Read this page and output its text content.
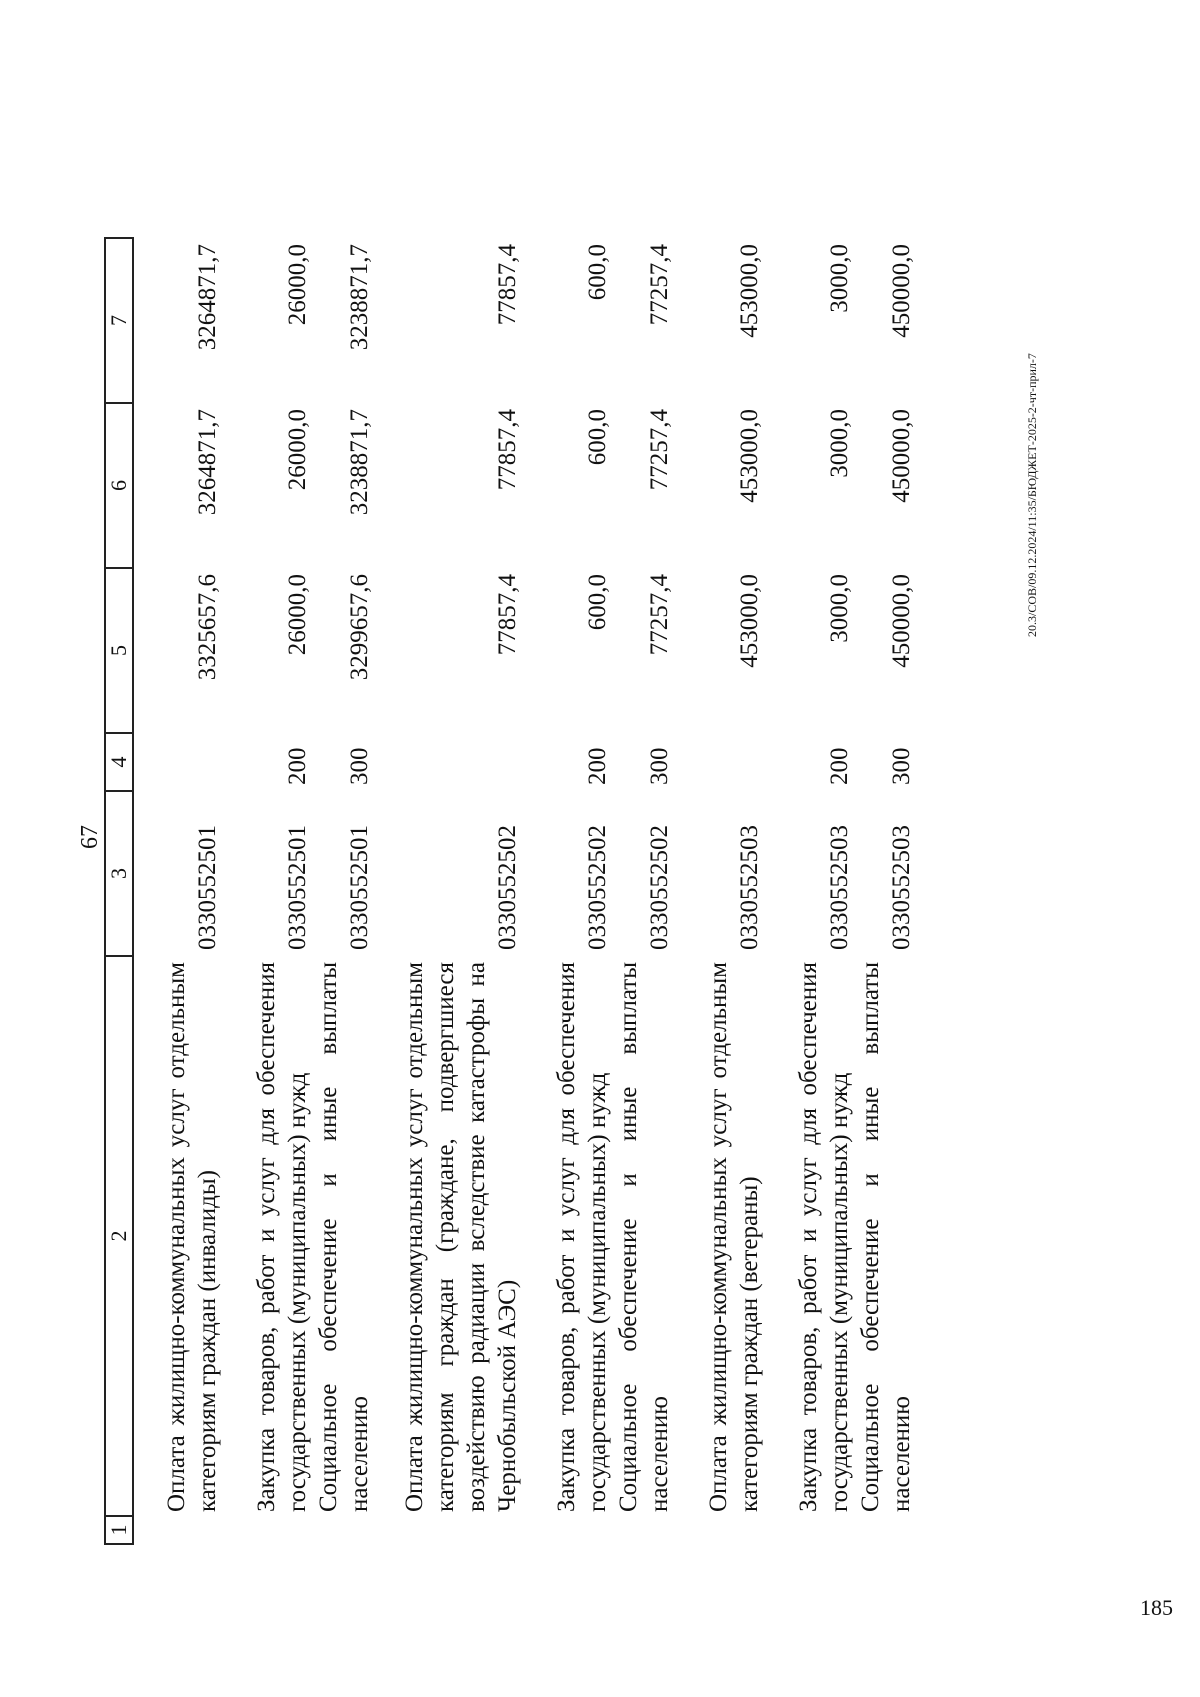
67
1	2	3	4	5	6	7
	Оплата жилищно-коммунальных услуг отдельным категориям граждан (инвалиды)	0330552501		3325657,6	3264871,7	3264871,7
	Закупка товаров, работ и услуг для обеспечения государственных (муниципальных) нужд	0330552501	200	26000,0	26000,0	26000,0
	Социальное обеспечение и иные выплаты населению	0330552501	300	3299657,6	3238871,7	3238871,7
	Оплата жилищно-коммунальных услуг отдельным категориям граждан (граждане, подвергшиеся воздействию радиации вследствие катастрофы на Чернобыльской АЭС)	0330552502		77857,4	77857,4	77857,4
	Закупка товаров, работ и услуг для обеспечения государственных (муниципальных) нужд	0330552502	200	600,0	600,0	600,0
	Социальное обеспечение и иные выплаты населению	0330552502	300	77257,4	77257,4	77257,4
	Оплата жилищно-коммунальных услуг отдельным категориям граждан (ветераны)	0330552503		453000,0	453000,0	453000,0
	Закупка товаров, работ и услуг для обеспечения государственных (муниципальных) нужд	0330552503	200	3000,0	3000,0	3000,0
	Социальное обеспечение и иные выплаты населению	0330552503	300	450000,0	450000,0	450000,0
20.3/СОВ/09.12.2024/11:35/БЮДЖЕТ-2025-2-чт-прил-7
185
